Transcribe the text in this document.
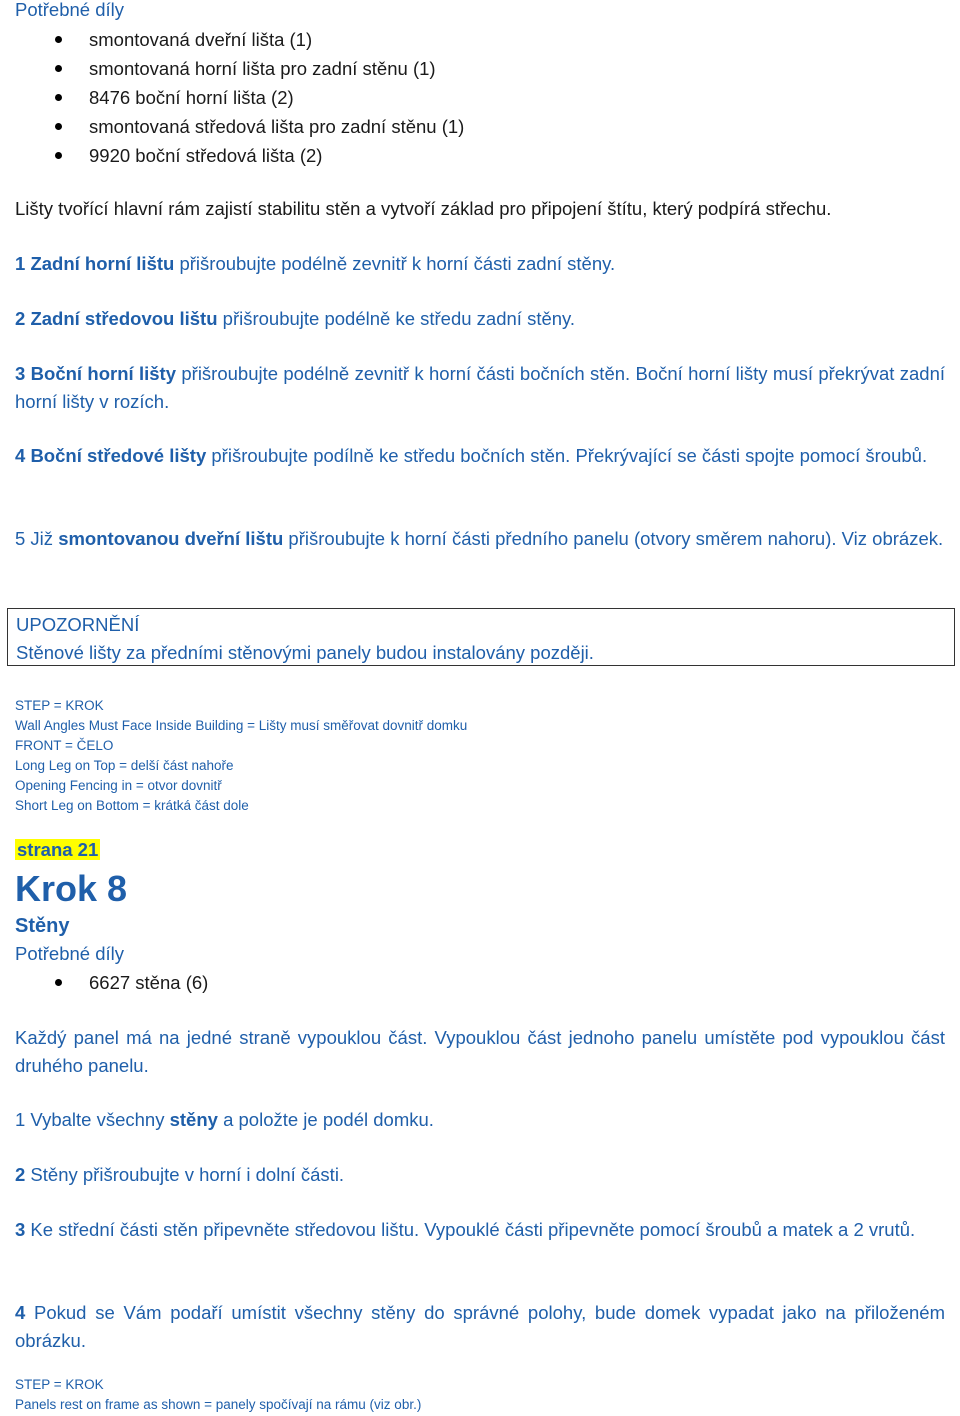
Potřebné díly
smontovaná dveřní lišta (1)
smontovaná horní lišta pro zadní stěnu (1)
8476 boční horní lišta (2)
smontovaná středová lišta pro zadní stěnu (1)
9920 boční středová lišta (2)
Lišty tvořící hlavní rám zajistí stabilitu stěn a vytvoří základ pro připojení štítu, který podpírá střechu.
1 Zadní horní lištu přišroubujte podélně zevnitř k horní části zadní stěny.
2 Zadní středovou lištu přišroubujte podélně ke středu zadní stěny.
3 Boční horní lišty přišroubujte podélně zevnitř k horní části bočních stěn. Boční horní lišty musí překrývat zadní horní lišty v rozích.
4 Boční středové lišty přišroubujte podílně ke středu bočních stěn. Překrývající se části spojte pomocí šroubů.
5 Již smontovanou dveřní lištu přišroubujte k horní části předního panelu (otvory směrem nahoru). Viz obrázek.
UPOZORNĚNÍ
Stěnové lišty za předními stěnovými panely budou instalovány později.
STEP = KROK
Wall Angles Must Face Inside Building = Lišty musí směřovat dovnitř domku
FRONT = ČELO
Long Leg on Top = delší část nahoře
Opening Fencing in = otvor dovnitř
Short Leg on Bottom = krátká část dole
strana 21
Krok 8
Stěny
Potřebné díly
6627 stěna (6)
Každý panel má na jedné straně vypouklou část. Vypouklou část jednoho panelu umístěte pod vypouklou část druhého panelu.
1 Vybalte všechny stěny a položte je podél domku.
2 Stěny přišroubujte v horní i dolní části.
3 Ke střední části stěn připevněte středovou lištu. Vypouklé části připevněte pomocí šroubů a matek a 2 vrutů.
4 Pokud se Vám podaří umístit všechny stěny do správné polohy, bude domek vypadat jako na přiloženém obrázku.
STEP = KROK
Panels rest on frame as shown = panely spočívají na rámu (viz obr.)
